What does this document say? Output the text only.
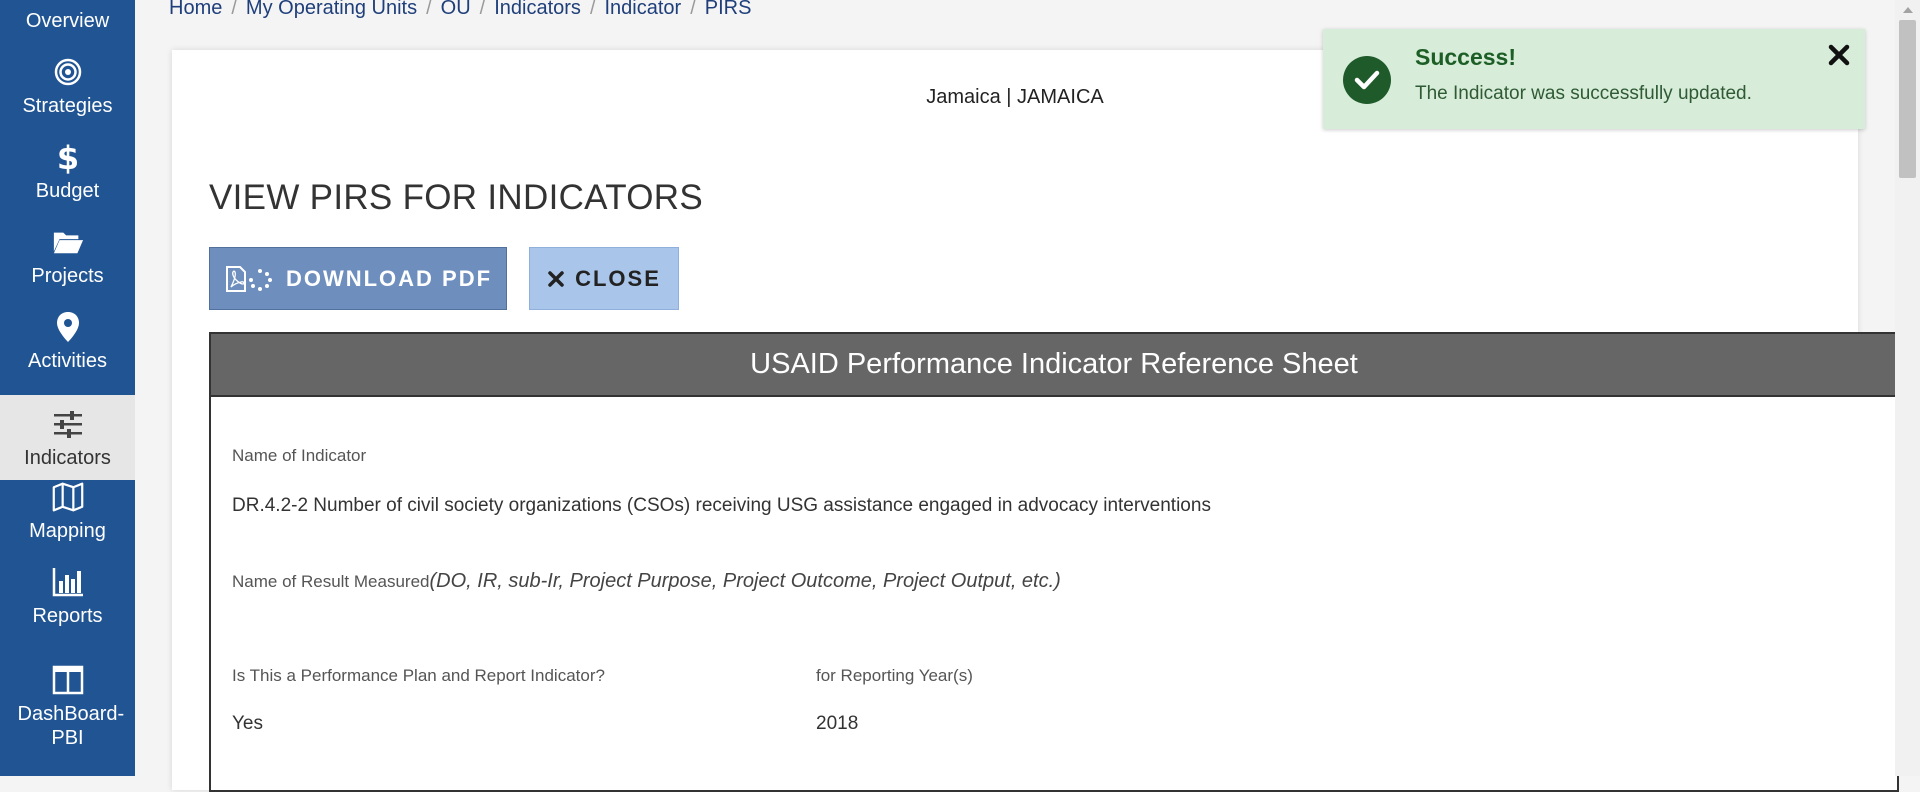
Overview
Strategies
$
Budget
Projects
Activities
Indicators
Mapping
Reports
DashBoard-PBI
Home / My Operating Units / OU / Indicators / Indicator / PIRS
Jamaica | JAMAICA
VIEW PIRS FOR INDICATORS
DOWNLOAD PDF	CLOSE
USAID Performance Indicator Reference Sheet
Name of Indicator
DR.4.2-2 Number of civil society organizations (CSOs) receiving USG assistance engaged in advocacy interventions
Name of Result Measured(DO, IR, sub-Ir, Project Purpose, Project Outcome, Project Output, etc.)
Is This a Performance Plan and Report Indicator?
Yes
for Reporting Year(s)
2018
Success!
The Indicator was successfully updated.
